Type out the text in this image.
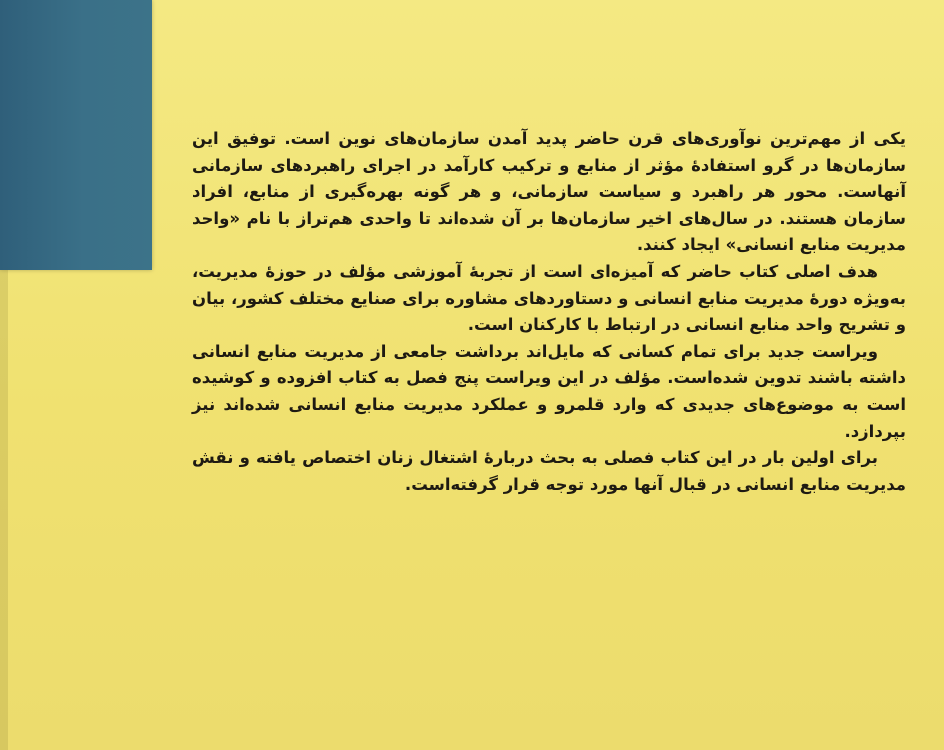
یکی از مهم‌ترین نوآوری‌های قرن حاضر پدید آمدن سازمان‌های نوین است. توفیق این سازمان‌ها در گرو استفادهٔ مؤثر از منابع و ترکیب کارآمد در اجرای راهبردهای سازمانی آنهاست. محور هر راهبرد و سیاست سازمانی، و هر گونه بهره‌گیری از منابع، افراد سازمان هستند. در سال‌های اخیر سازمان‌ها بر آن شده‌اند تا واحدی هم‌تراز با نام «واحد مدیریت منابع انسانی» ایجاد کنند.

هدف اصلی کتاب حاضر که آمیزه‌ای است از تجربهٔ آموزشی مؤلف در حوزهٔ مدیریت، به‌ویژه دورهٔ مدیریت منابع انسانی و دستاوردهای مشاوره برای صنایع مختلف کشور، بیان و تشریح واحد منابع انسانی در ارتباط با کارکنان است.

ویراست جدید برای تمام کسانی که مایل‌اند برداشت جامعی از مدیریت منابع انسانی داشته باشند تدوین شده‌است. مؤلف در این ویراست پنج فصل به کتاب افزوده و کوشیده است به موضوع‌های جدیدی که وارد قلمرو و عملکرد مدیریت منابع انسانی شده‌اند نیز بپردازد.

برای اولین بار در این کتاب فصلی به بحث دربارهٔ اشتغال زنان اختصاص یافته و نقش مدیریت منابع انسانی در قبال آنها مورد توجه قرار گرفته‌است.
